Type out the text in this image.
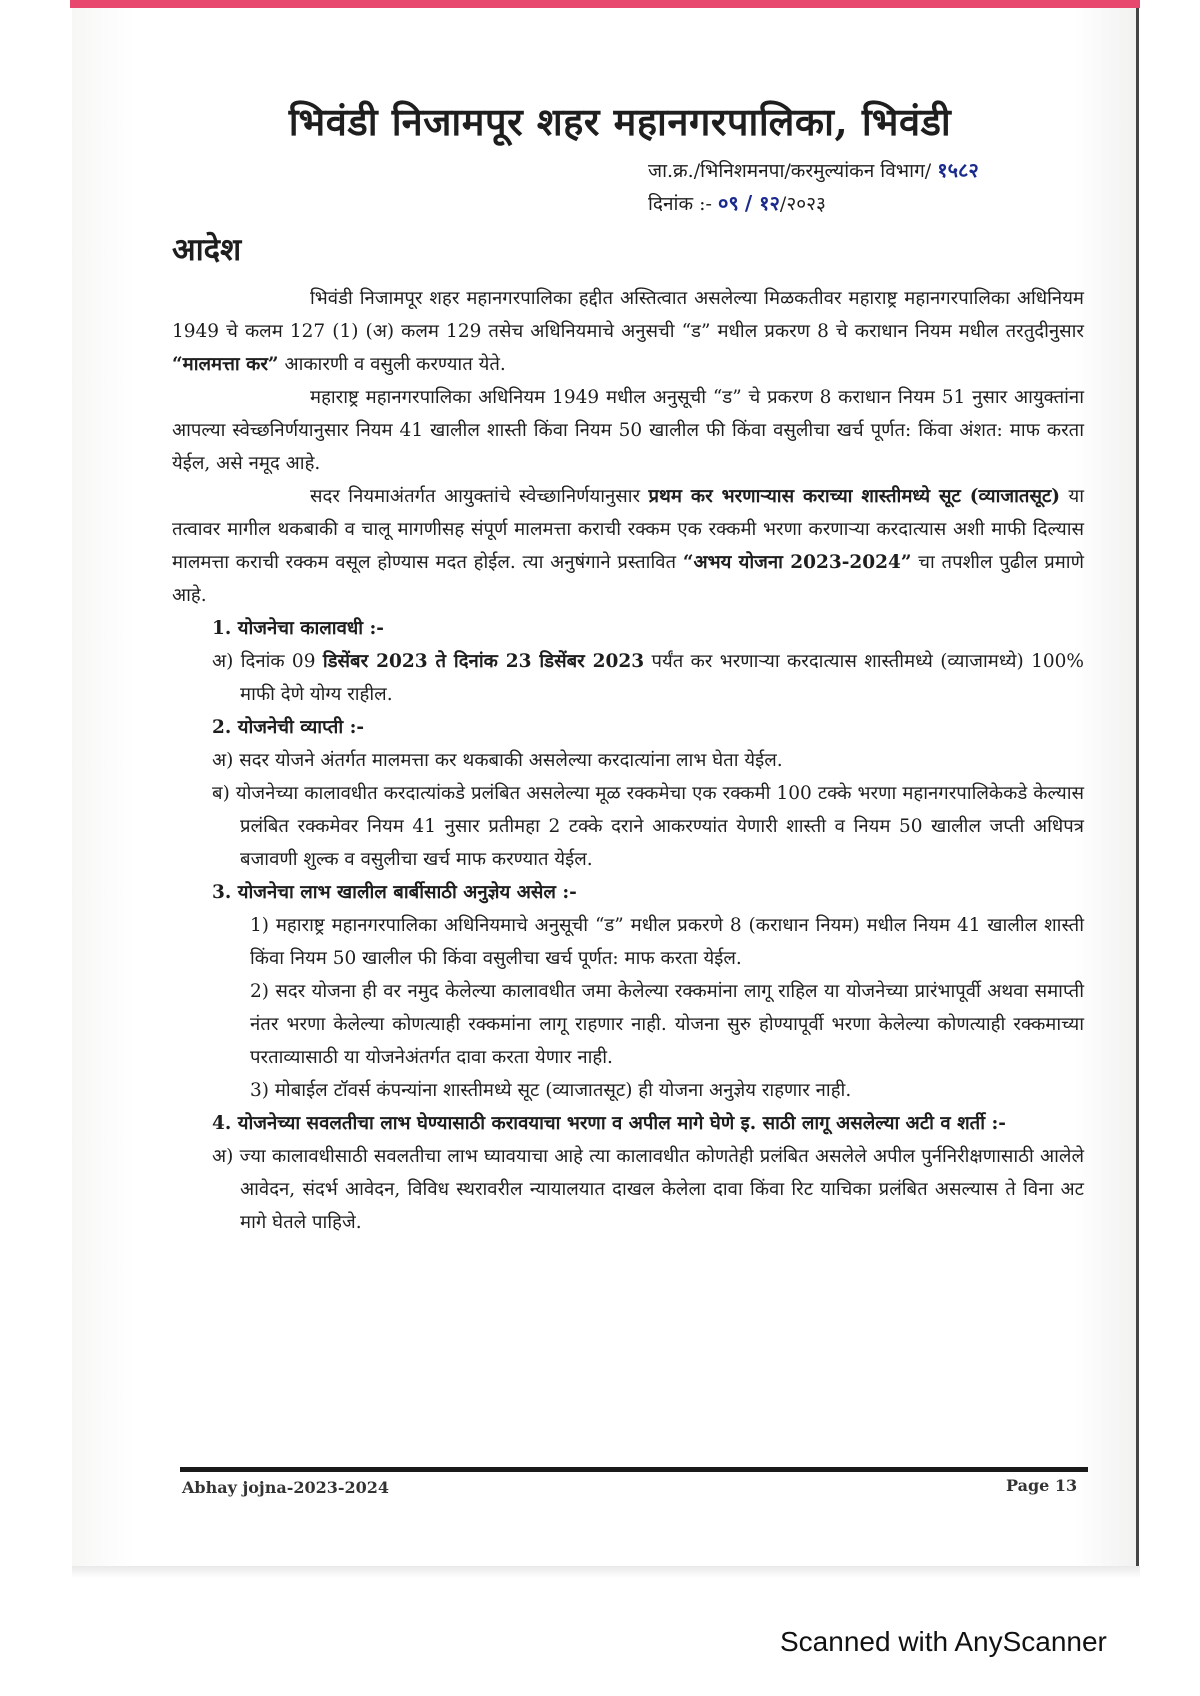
भिवंडी निजामपूर शहर महानगरपालिका, भिवंडी
जा.क्र./भिनिशमनपा/करमुल्यांकन विभाग/ १५८२
दिनांक :- ०९ / १२/२०२३
आदेश

भिवंडी निजामपूर शहर महानगरपालिका हद्दीत अस्तित्वात असलेल्या मिळकतीवर महाराष्ट्र महानगरपालिका अधिनियम 1949 चे कलम 127 (1) (अ) कलम 129 तसेच अधिनियमाचे अनुसची “ड” मधील प्रकरण 8 चे कराधान नियम मधील तरतुदीनुसार “मालमत्ता कर” आकारणी व वसुली करण्यात येते.

महाराष्ट्र महानगरपालिका अधिनियम 1949 मधील अनुसूची “ड” चे प्रकरण 8 कराधान नियम 51 नुसार आयुक्तांना आपल्या स्वेच्छनिर्णयानुसार नियम 41 खालील शास्ती किंवा नियम 50 खालील फी किंवा वसुलीचा खर्च पूर्णत: किंवा अंशत: माफ करता येईल, असे नमूद आहे.

सदर नियमाअंतर्गत आयुक्तांचे स्वेच्छानिर्णयानुसार प्रथम कर भरणाऱ्यास कराच्या शास्तीमध्ये सूट (व्याजातसूट) या तत्वावर मागील थकबाकी व चालू मागणीसह संपूर्ण मालमत्ता कराची रक्कम एक रक्कमी भरणा करणाऱ्या करदात्यास अशी माफी दिल्यास मालमत्ता कराची रक्कम वसूल होण्यास मदत होईल. त्या अनुषंगाने प्रस्तावित “अभय योजना 2023-2024” चा तपशील पुढील प्रमाणे आहे.

1. योजनेचा कालावधी :-

अ) दिनांक 09 डिसेंबर 2023 ते दिनांक 23 डिसेंबर 2023 पर्यंत कर भरणाऱ्या करदात्यास शास्तीमध्ये (व्याजामध्ये) 100% माफी देणे योग्य राहील.

2. योजनेची व्याप्ती :-

अ) सदर योजने अंतर्गत मालमत्ता कर थकबाकी असलेल्या करदात्यांना लाभ घेता येईल.

ब) योजनेच्या कालावधीत करदात्यांकडे प्रलंबित असलेल्या मूळ रक्कमेचा एक रक्कमी 100 टक्के भरणा महानगरपालिकेकडे केल्यास प्रलंबित रक्कमेवर नियम 41 नुसार प्रतीमहा 2 टक्के दराने आकरण्यांत येणारी शास्ती व नियम 50 खालील जप्ती अधिपत्र बजावणी शुल्क व वसुलीचा खर्च माफ करण्यात येईल.

3. योजनेचा लाभ खालील बार्बीसाठी अनुज्ञेय असेल :-

1) महाराष्ट्र महानगरपालिका अधिनियमाचे अनुसूची “ड” मधील प्रकरणे 8 (कराधान नियम) मधील नियम 41 खालील शास्ती किंवा नियम 50 खालील फी किंवा वसुलीचा खर्च पूर्णत: माफ करता येईल.

2) सदर योजना ही वर नमुद केलेल्या कालावधीत जमा केलेल्या रक्कमांना लागू राहिल या योजनेच्या प्रारंभापूर्वी अथवा समाप्ती नंतर भरणा केलेल्या कोणत्याही रक्कमांना लागू राहणार नाही. योजना सुरु होण्यापूर्वी भरणा केलेल्या कोणत्याही रक्कमाच्या परताव्यासाठी या योजनेअंतर्गत दावा करता येणार नाही.

3) मोबाईल टॉवर्स कंपन्यांना शास्तीमध्ये सूट (व्याजातसूट) ही योजना अनुज्ञेय राहणार नाही.

4. योजनेच्या सवलतीचा लाभ घेण्यासाठी करावयाचा भरणा व अपील मागे घेणे इ. साठी लागू असलेल्या अटी व शर्ती :-

अ) ज्या कालावधीसाठी सवलतीचा लाभ घ्यावयाचा आहे त्या कालावधीत कोणतेही प्रलंबित असलेले अपील पुर्ननिरीक्षणासाठी आलेले आवेदन, संदर्भ आवेदन, विविध स्थरावरील न्यायालयात दाखल केलेला दावा किंवा रिट याचिका प्रलंबित असल्यास ते विना अट मागे घेतले पाहिजे.

Abhay jojna-2023-2024	Page 13
Scanned with AnyScanner
